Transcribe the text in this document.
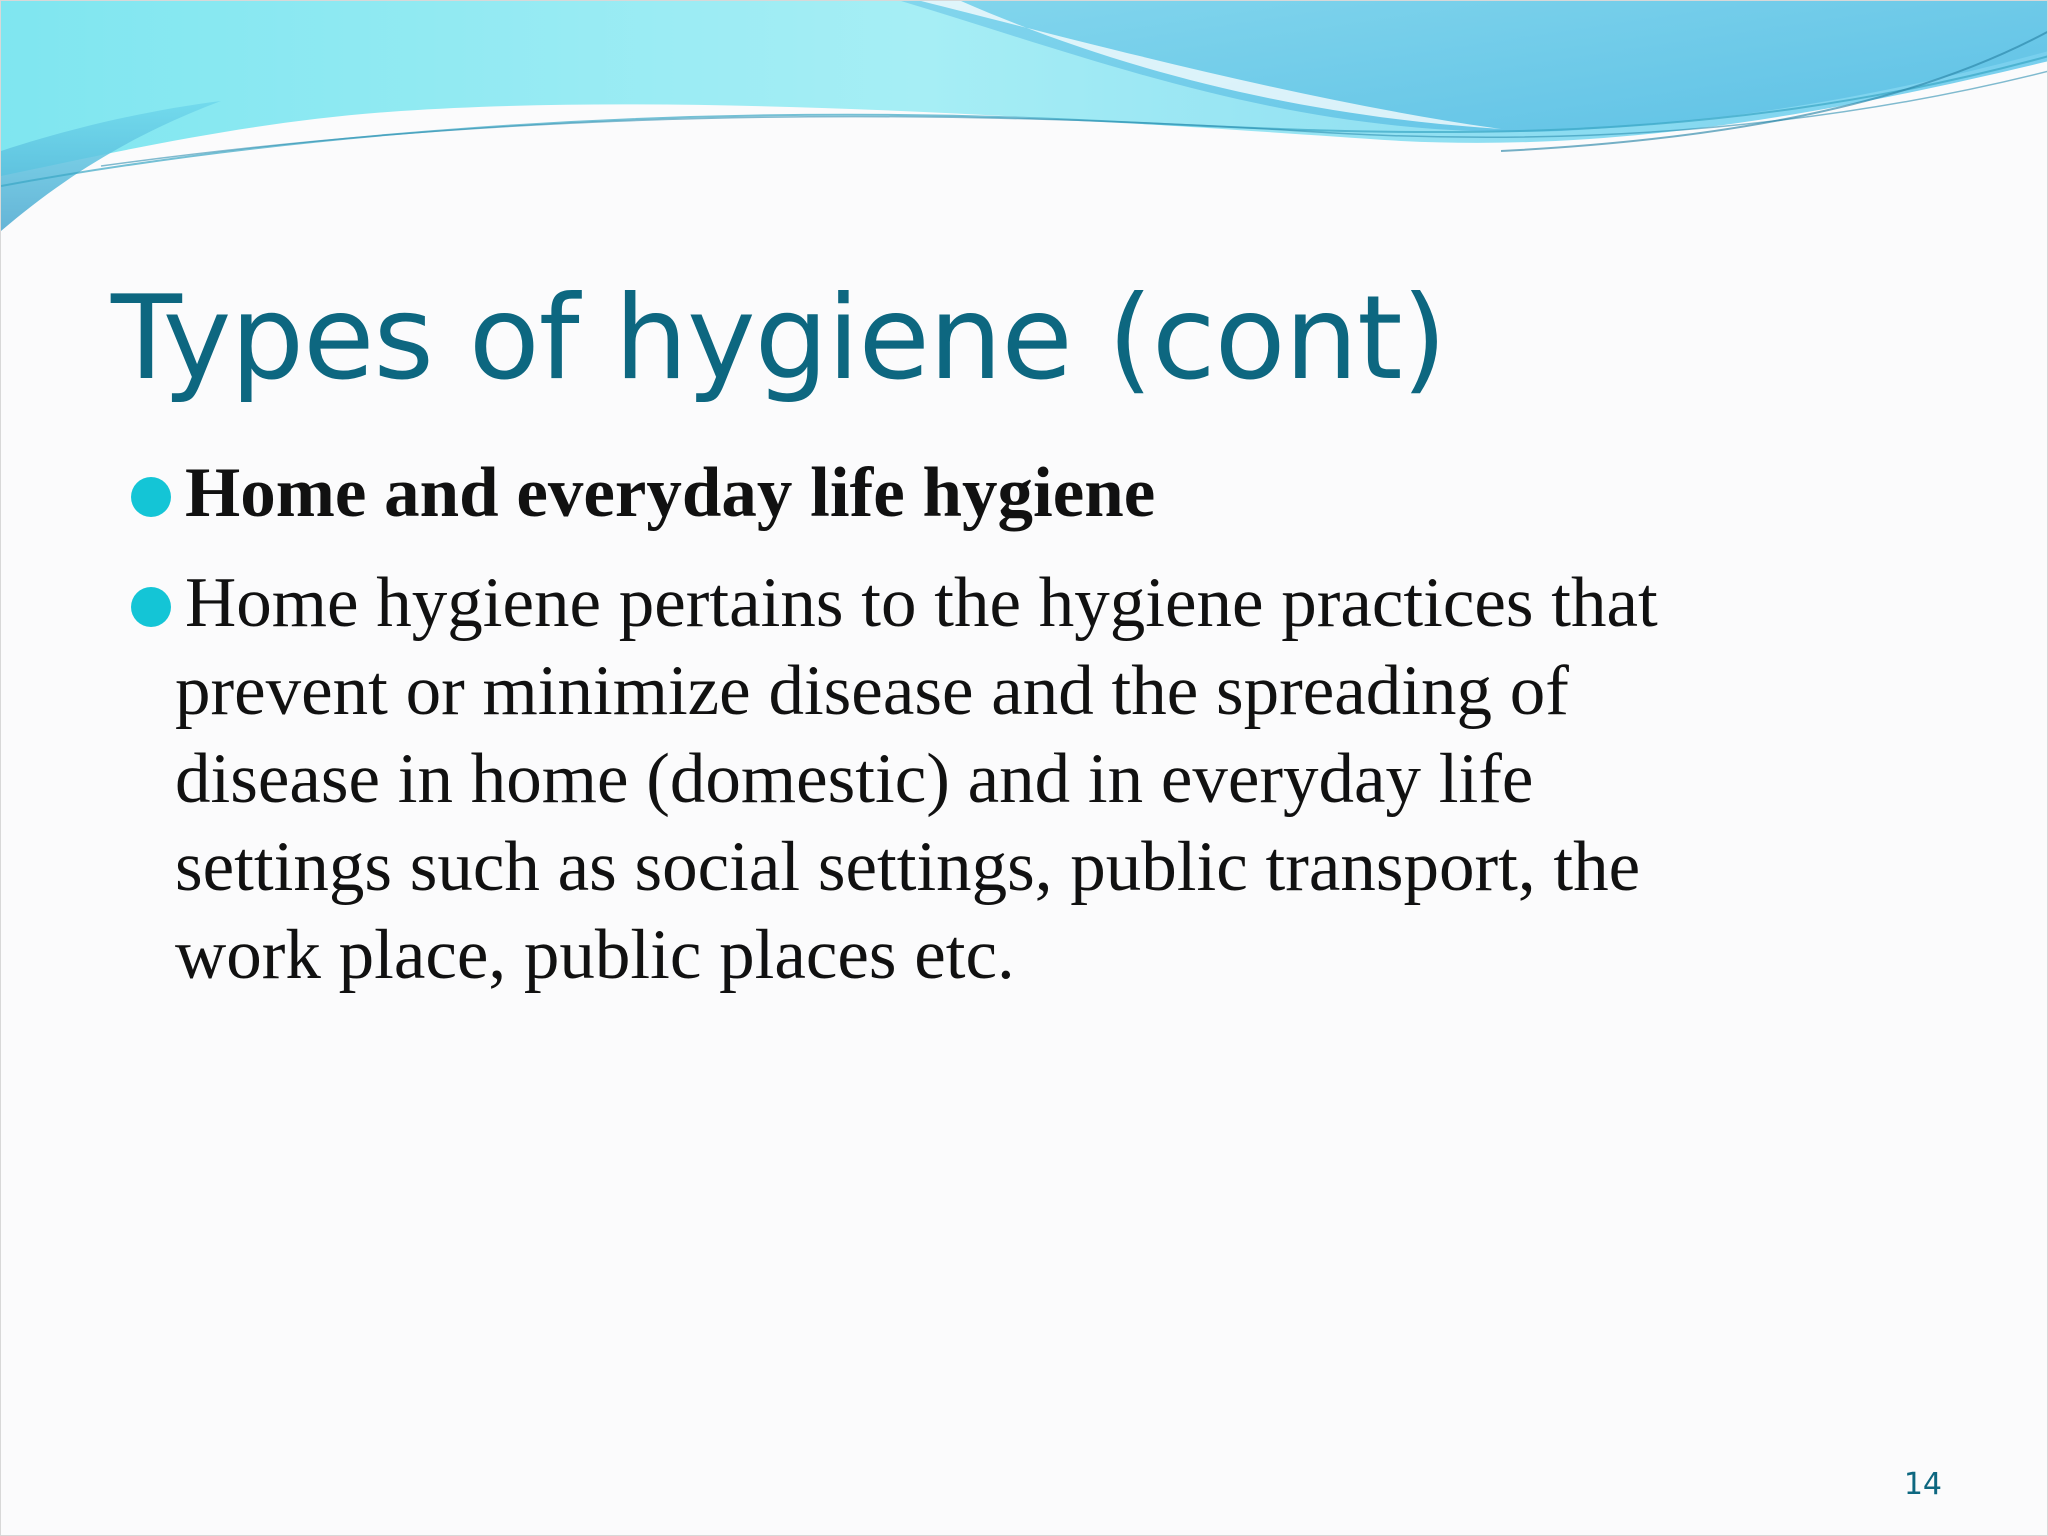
Types of hygiene (cont)
Home and everyday life hygiene
Home hygiene pertains to the hygiene practices that
prevent or minimize disease and the spreading of
disease in home (domestic) and in everyday life
settings such as social settings, public transport, the
work place, public places etc.
14
